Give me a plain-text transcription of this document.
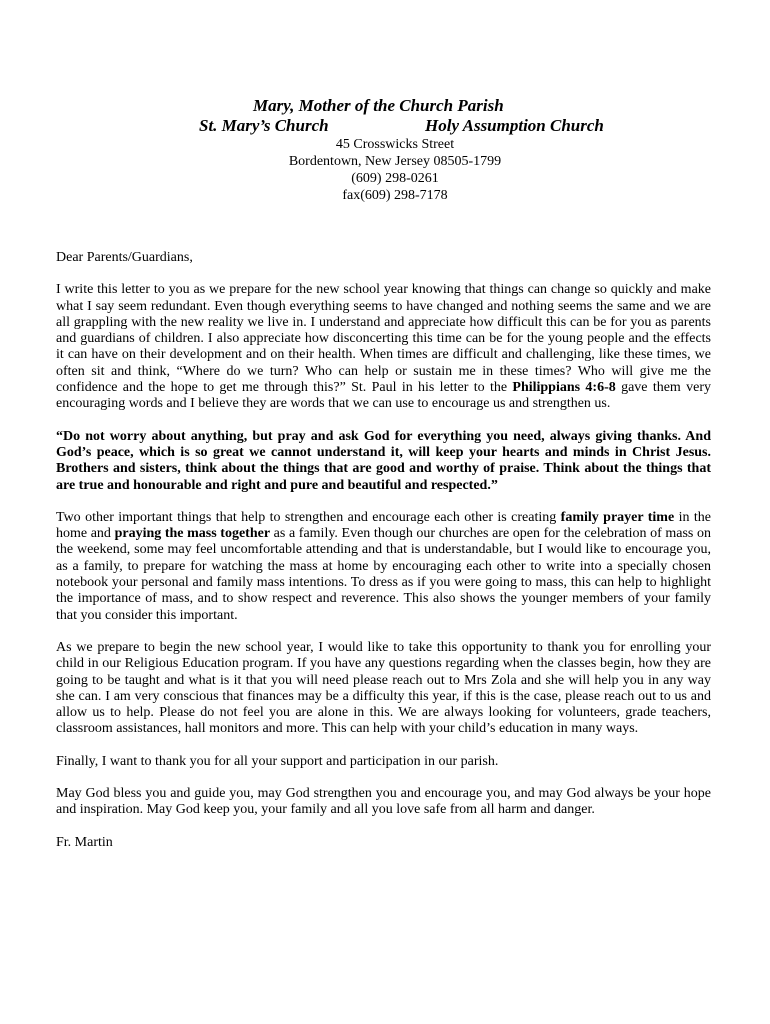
Mary, Mother of the Church Parish
St. Mary’s Church	Holy Assumption Church
45 Crosswicks Street
Bordentown, New Jersey 08505-1799
(609) 298-0261
fax(609) 298-7178

Dear Parents/Guardians,

I write this letter to you as we prepare for the new school year knowing that things can change so quickly and make what I say seem redundant. Even though everything seems to have changed and nothing seems the same and we are all grappling with the new reality we live in. I understand and appreciate how difficult this can be for you as parents and guardians of children. I also appreciate how disconcerting this time can be for the young people and the effects it can have on their development and on their health. When times are difficult and challenging, like these times, we often sit and think, “Where do we turn? Who can help or sustain me in these times? Who will give me the confidence and the hope to get me through this?” St. Paul in his letter to the Philippians 4:6-8 gave them very encouraging words and I believe they are words that we can use to encourage us and strengthen us.

“Do not worry about anything, but pray and ask God for everything you need, always giving thanks. And God’s peace, which is so great we cannot understand it, will keep your hearts and minds in Christ Jesus. Brothers and sisters, think about the things that are good and worthy of praise. Think about the things that are true and honourable and right and pure and beautiful and respected.”

Two other important things that help to strengthen and encourage each other is creating family prayer time in the home and praying the mass together as a family. Even though our churches are open for the celebration of mass on the weekend, some may feel uncomfortable attending and that is understandable, but I would like to encourage you, as a family, to prepare for watching the mass at home by encouraging each other to write into a specially chosen notebook your personal and family mass intentions. To dress as if you were going to mass, this can help to highlight the importance of mass, and to show respect and reverence. This also shows the younger members of your family that you consider this important.

As we prepare to begin the new school year, I would like to take this opportunity to thank you for enrolling your child in our Religious Education program. If you have any questions regarding when the classes begin, how they are going to be taught and what is it that you will need please reach out to Mrs Zola and she will help you in any way she can. I am very conscious that finances may be a difficulty this year, if this is the case, please reach out to us and allow us to help. Please do not feel you are alone in this. We are always looking for volunteers, grade teachers, classroom assistances, hall monitors and more. This can help with your child’s education in many ways.

Finally, I want to thank you for all your support and participation in our parish.

May God bless you and guide you, may God strengthen you and encourage you, and may God always be your hope and inspiration. May God keep you, your family and all you love safe from all harm and danger.

Fr. Martin
